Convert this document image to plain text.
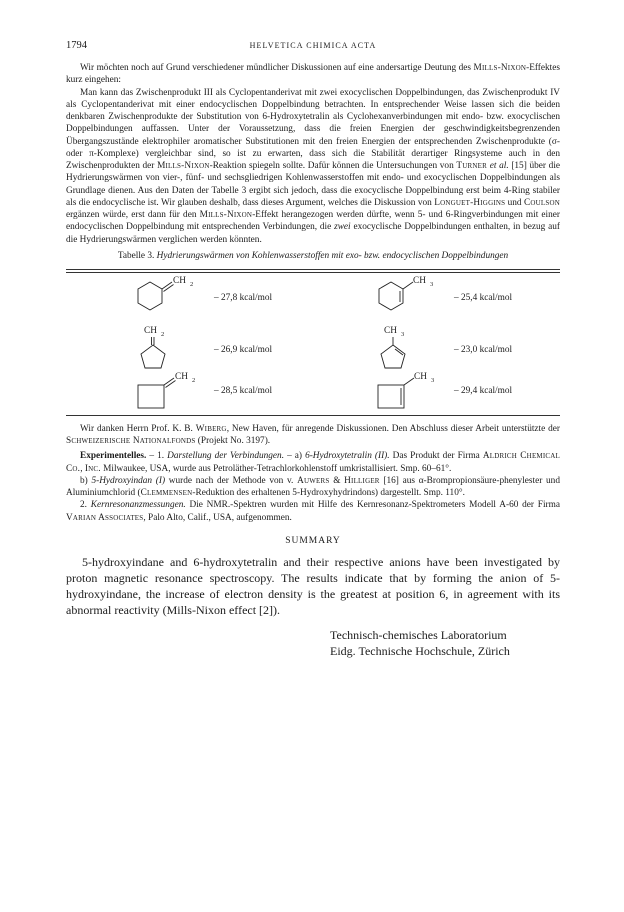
1794	HELVETICA CHIMICA ACTA

Wir möchten noch auf Grund verschiedener mündlicher Diskussionen auf eine andersartige Deutung des Mills-Nixon-Effektes kurz eingehen:

Man kann das Zwischenprodukt III als Cyclopentanderivat mit zwei exocyclischen Doppelbindungen, das Zwischenprodukt IV als Cyclopentanderivat mit einer endocyclischen Doppelbindung betrachten. In entsprechender Weise lassen sich die beiden denkbaren Zwischenprodukte der Substitution von 6-Hydroxytetralin als Cyclohexanverbindungen mit endo- bzw. exocyclischen Doppelbindungen auffassen. Unter der Voraussetzung, dass die freien Energien der geschwindigkeitsbegrenzenden Übergangszustände elektrophiler aromatischer Substitutionen mit den freien Energien der entsprechenden Zwischenprodukte (σ- oder π-Komplexe) vergleichbar sind, so ist zu erwarten, dass sich die Stabilität derartiger Ringsysteme auch in den Zwischenprodukten der Mills-Nixon-Reaktion spiegeln sollte. Dafür können die Untersuchungen von Turner et al. [15] über die Hydrierungswärmen von vier-, fünf- und sechsgliedrigen Kohlenwasserstoffen mit endo- und exocyclischen Doppelbindungen als Grundlage dienen. Aus den Daten der Tabelle 3 ergibt sich jedoch, dass die exocyclische Doppelbindung erst beim 4-Ring stabiler als die endocyclische ist. Wir glauben deshalb, dass dieses Argument, welches die Diskussion von Longuet-Higgins und Coulson ergänzen würde, erst dann für den Mills-Nixon-Effekt herangezogen werden dürfte, wenn 5- und 6-Ringverbindungen mit einer endocyclischen Doppelbindung mit entsprechenden Verbindungen, die zwei exocyclische Doppelbindungen enthalten, in bezug auf die Hydrierungswärmen verglichen werden könnten.

Tabelle 3. Hydrierungswärmen von Kohlenwasserstoffen mit exo- bzw. endocyclischen Doppelbindungen
CH 2	CH 3
CH 2	CH 3
CH 2	CH 3
– 27,8 kcal/mol	– 25,4 kcal/mol
– 26,9 kcal/mol	– 23,0 kcal/mol
– 28,5 kcal/mol	– 29,4 kcal/mol

Wir danken Herrn Prof. K. B. Wiberg, New Haven, für anregende Diskussionen. Den Abschluss dieser Arbeit unterstützte der Schweizerische Nationalfonds (Projekt No. 3197).

Experimentelles. – 1. Darstellung der Verbindungen. – a) 6-Hydroxytetralin (II). Das Produkt der Firma Aldrich Chemical Co., Inc. Milwaukee, USA, wurde aus Petroläther-Tetrachlorkohlenstoff umkristallisiert. Smp. 60–61°.

b) 5-Hydroxyindan (I) wurde nach der Methode von v. Auwers & Hilliger [16] aus α-Brompropionsäure-phenylester und Aluminiumchlorid (Clemmensen-Reduktion des erhaltenen 5-Hydroxyhydrindons) dargestellt. Smp. 110°.

2. Kernresonanzmessungen. Die NMR.-Spektren wurden mit Hilfe des Kernresonanz-Spektrometers Modell A-60 der Firma Varian Associates, Palo Alto, Calif., USA, aufgenommen.

SUMMARY

5-hydroxyindane and 6-hydroxytetralin and their respective anions have been investigated by proton magnetic resonance spectroscopy. The results indicate that by forming the anion of 5-hydroxyindane, the increase of electron density is the greatest at position 6, in agreement with its abnormal reactivity (Mills-Nixon effect [2]).

Technisch-chemisches Laboratorium
Eidg. Technische Hochschule, Zürich
